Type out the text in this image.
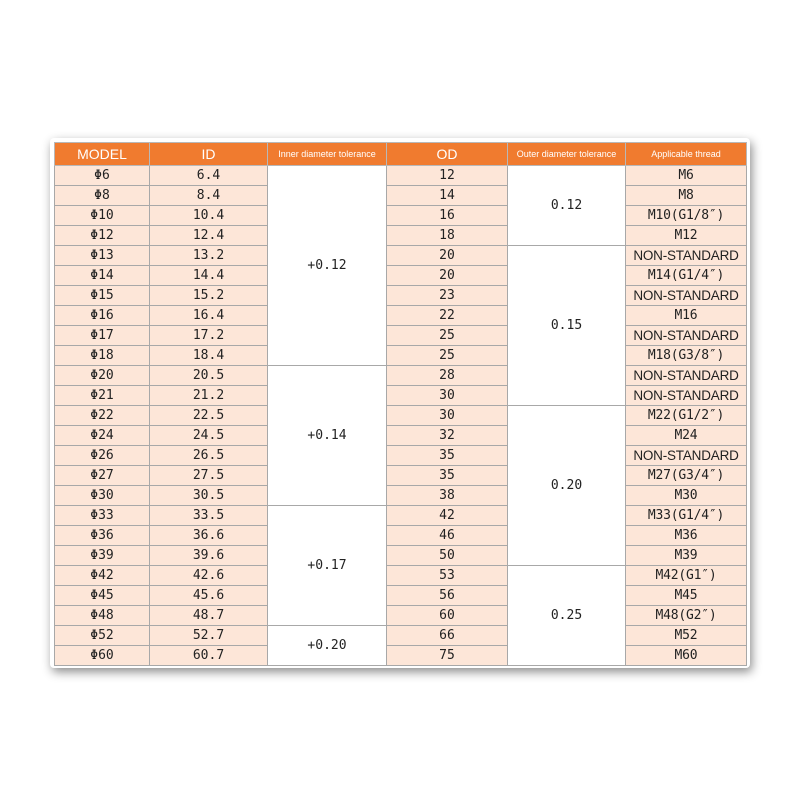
MODEL	ID	Inner diameter tolerance	OD	Outer diameter tolerance	Applicable thread
Φ6	6.4	+0.12	12	0.12	M6
Φ8	8.4		14		M8
Φ10	10.4		16		M10(G1/8″)
Φ12	12.4		18		M12
Φ13	13.2		20	0.15	NON-STANDARD
Φ14	14.4		20		M14(G1/4″)
Φ15	15.2		23		NON-STANDARD
Φ16	16.4		22		M16
Φ17	17.2		25		NON-STANDARD
Φ18	18.4		25		M18(G3/8″)
Φ20	20.5	+0.14	28		NON-STANDARD
Φ21	21.2		30		NON-STANDARD
Φ22	22.5		30	0.20	M22(G1/2″)
Φ24	24.5		32		M24
Φ26	26.5		35		NON-STANDARD
Φ27	27.5		35		M27(G3/4″)
Φ30	30.5		38		M30
Φ33	33.5	+0.17	42		M33(G1/4″)
Φ36	36.6		46		M36
Φ39	39.6		50		M39
Φ42	42.6		53	0.25	M42(G1″)
Φ45	45.6		56		M45
Φ48	48.7		60		M48(G2″)
Φ52	52.7	+0.20	66		M52
Φ60	60.7		75		M60
